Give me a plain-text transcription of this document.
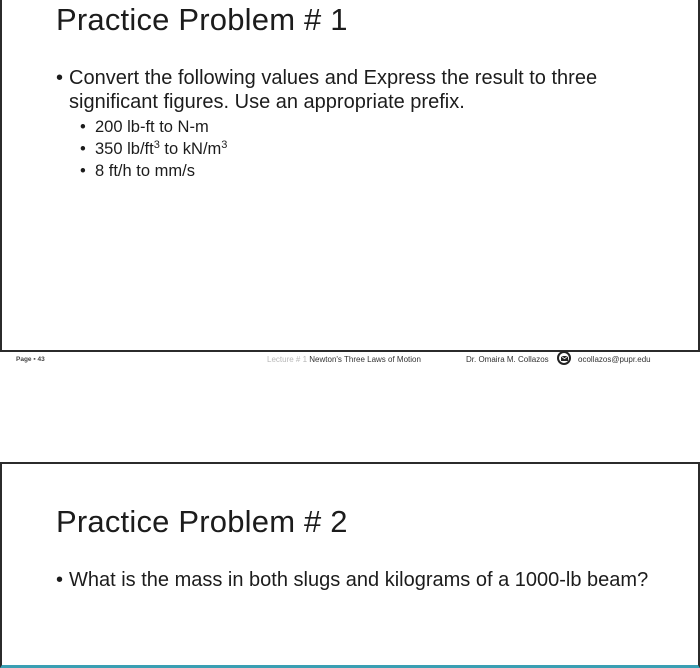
Practice Problem # 1
• Convert the following values and Express the result to three significant figures. Use an appropriate prefix.
• 200 lb-ft to N-m
• 350 $lb/ft^3$ to $kN/m^3$
• 8 ft/h to mm/s
Page ▪ 43	Lecture # 1 Newton's Three Laws of Motion	Dr. Omaira M. Collazos	ocollazos@pupr.edu
Practice Problem # 2
• What is the mass in both slugs and kilograms of a 1000-lb beam?
